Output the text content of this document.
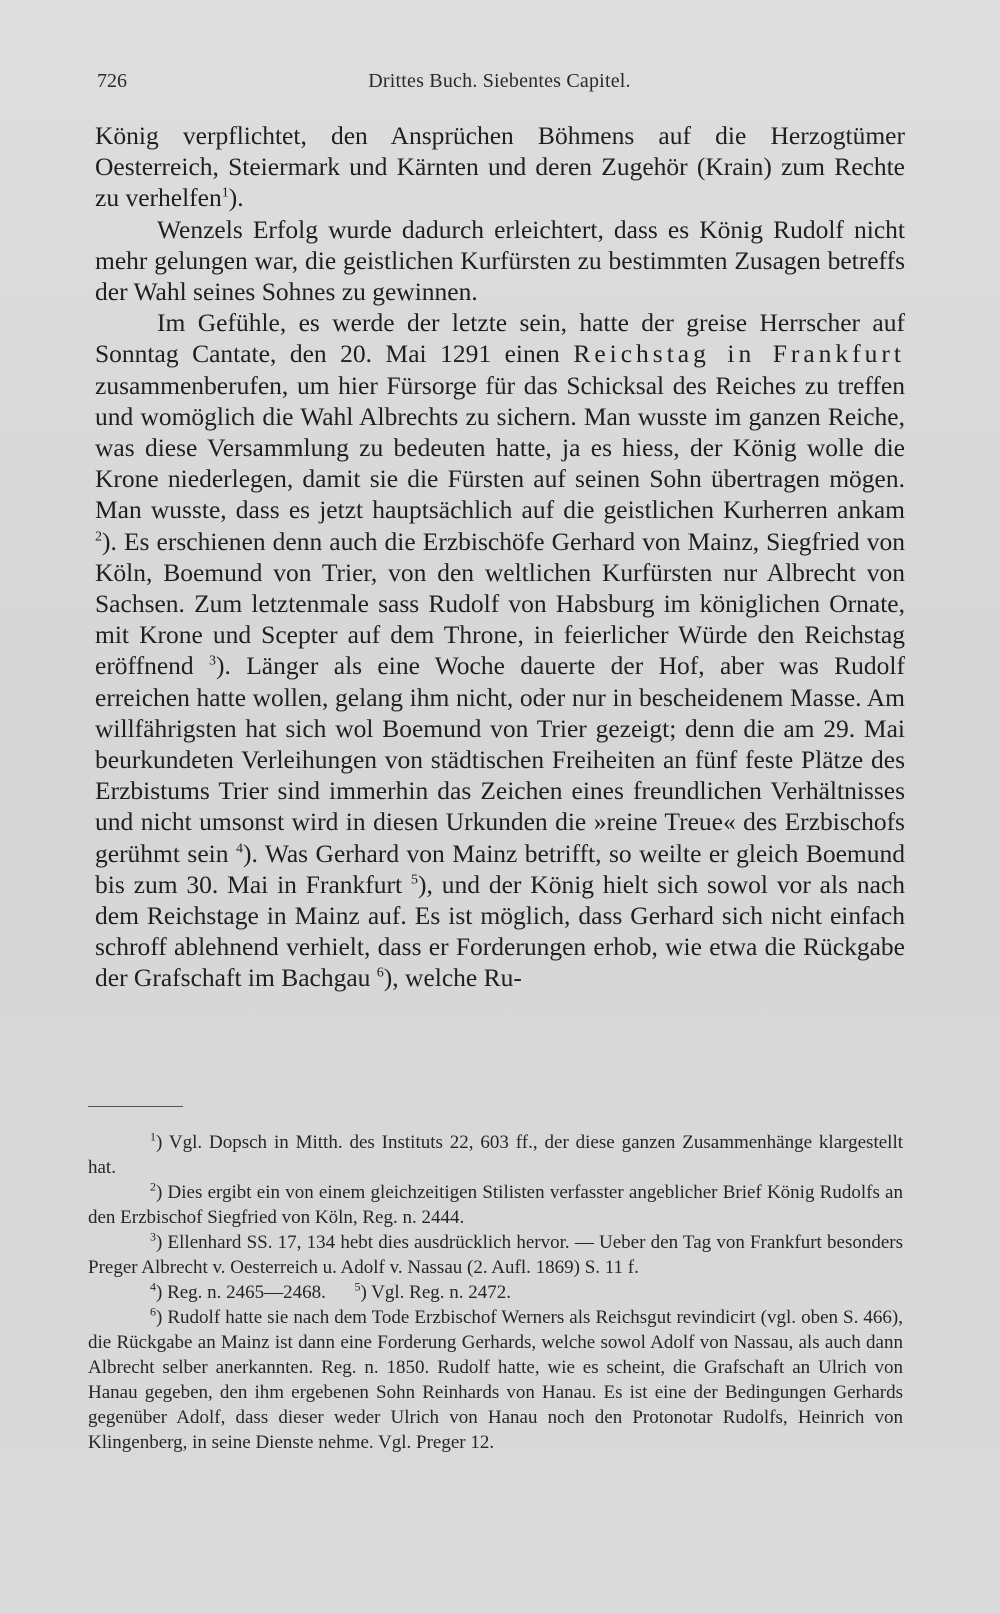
726	Drittes Buch. Siebentes Capitel.

König verpflichtet, den Ansprüchen Böhmens auf die Herzogtümer Oesterreich, Steiermark und Kärnten und deren Zugehör (Krain) zum Rechte zu verhelfen$^1$).

Wenzels Erfolg wurde dadurch erleichtert, dass es König Rudolf nicht mehr gelungen war, die geistlichen Kurfürsten zu bestimmten Zusagen betreffs der Wahl seines Sohnes zu gewinnen.

Im Gefühle, es werde der letzte sein, hatte der greise Herrscher auf Sonntag Cantate, den 20. Mai 1291 einen Reichstag in Frankfurt zusammenberufen, um hier Fürsorge für das Schicksal des Reiches zu treffen und womöglich die Wahl Albrechts zu sichern. Man wusste im ganzen Reiche, was diese Versammlung zu bedeuten hatte, ja es hiess, der König wolle die Krone niederlegen, damit sie die Fürsten auf seinen Sohn übertragen mögen. Man wusste, dass es jetzt hauptsächlich auf die geistlichen Kurherren ankam $^2$). Es erschienen denn auch die Erzbischöfe Gerhard von Mainz, Siegfried von Köln, Boemund von Trier, von den weltlichen Kurfürsten nur Albrecht von Sachsen. Zum letztenmale sass Rudolf von Habsburg im königlichen Ornate, mit Krone und Scepter auf dem Throne, in feierlicher Würde den Reichstag eröffnend $^3$). Länger als eine Woche dauerte der Hof, aber was Rudolf erreichen hatte wollen, gelang ihm nicht, oder nur in bescheidenem Masse. Am willfährigsten hat sich wol Boemund von Trier gezeigt; denn die am 29. Mai beurkundeten Verleihungen von städtischen Freiheiten an fünf feste Plätze des Erzbistums Trier sind immerhin das Zeichen eines freundlichen Verhältnisses und nicht umsonst wird in diesen Urkunden die »reine Treue« des Erzbischofs gerühmt sein $^4$). Was Gerhard von Mainz betrifft, so weilte er gleich Boemund bis zum 30. Mai in Frankfurt $^5$), und der König hielt sich sowol vor als nach dem Reichstage in Mainz auf. Es ist möglich, dass Gerhard sich nicht einfach schroff ablehnend verhielt, dass er Forderungen erhob, wie etwa die Rückgabe der Grafschaft im Bachgau $^6$), welche Ru-

$^1$) Vgl. Dopsch in Mitth. des Instituts 22, 603 ff., der diese ganzen Zusammenhänge klargestellt hat.

$^2$) Dies ergibt ein von einem gleichzeitigen Stilisten verfasster angeblicher Brief König Rudolfs an den Erzbischof Siegfried von Köln, Reg. n. 2444.

$^3$) Ellenhard SS. 17, 134 hebt dies ausdrücklich hervor. — Ueber den Tag von Frankfurt besonders Preger Albrecht v. Oesterreich u. Adolf v. Nassau (2. Aufl. 1869) S. 11 f.

$^4$) Reg. n. 2465—2468. $^5$) Vgl. Reg. n. 2472.

$^6$) Rudolf hatte sie nach dem Tode Erzbischof Werners als Reichsgut revindicirt (vgl. oben S. 466), die Rückgabe an Mainz ist dann eine Forderung Gerhards, welche sowol Adolf von Nassau, als auch dann Albrecht selber anerkannten. Reg. n. 1850. Rudolf hatte, wie es scheint, die Grafschaft an Ulrich von Hanau gegeben, den ihm ergebenen Sohn Reinhards von Hanau. Es ist eine der Bedingungen Gerhards gegenüber Adolf, dass dieser weder Ulrich von Hanau noch den Protonotar Rudolfs, Heinrich von Klingenberg, in seine Dienste nehme. Vgl. Preger 12.
